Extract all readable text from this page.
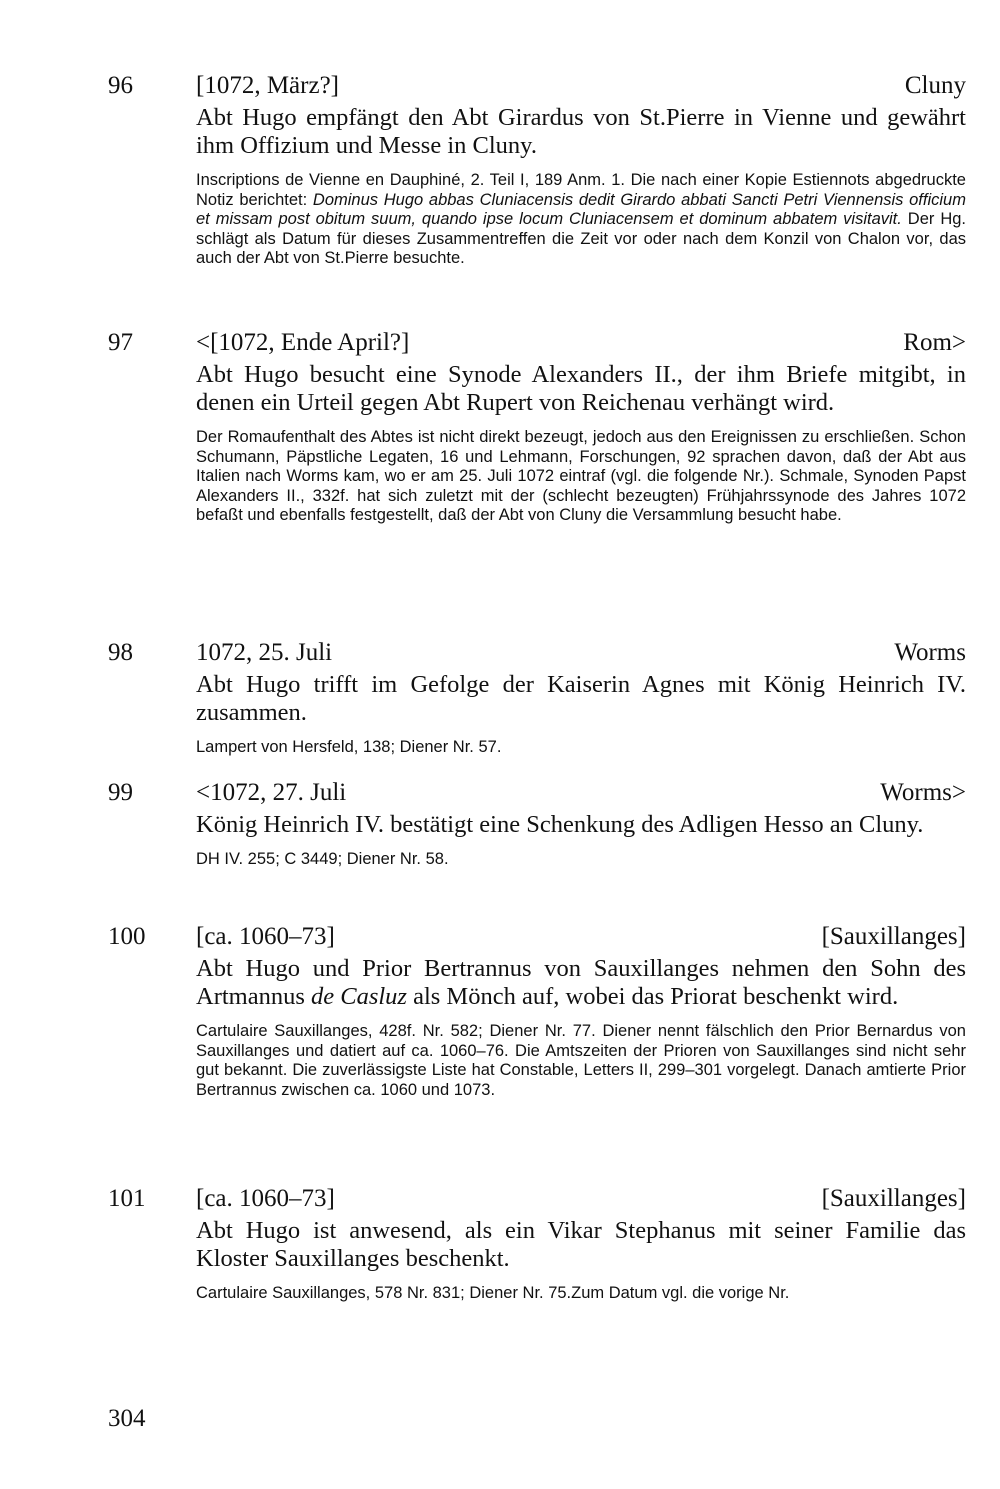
96	[1072, März?]	Cluny
Abt Hugo empfängt den Abt Girardus von St.Pierre in Vienne und gewährt ihm Offizium und Messe in Cluny.
Inscriptions de Vienne en Dauphiné, 2. Teil I, 189 Anm. 1. Die nach einer Kopie Estiennots abgedruckte Notiz berichtet: Dominus Hugo abbas Cluniacensis dedit Girardo abbati Sancti Petri Viennensis officium et missam post obitum suum, quando ipse locum Cluniacensem et dominum abbatem visitavit. Der Hg. schlägt als Datum für dieses Zusammentreffen die Zeit vor oder nach dem Konzil von Chalon vor, das auch der Abt von St.Pierre besuchte.
97	<[1072, Ende April?]	Rom>
Abt Hugo besucht eine Synode Alexanders II., der ihm Briefe mitgibt, in denen ein Urteil gegen Abt Rupert von Reichenau verhängt wird.
Der Romaufenthalt des Abtes ist nicht direkt bezeugt, jedoch aus den Ereignissen zu erschließen. Schon Schumann, Päpstliche Legaten, 16 und Lehmann, Forschungen, 92 sprachen davon, daß der Abt aus Italien nach Worms kam, wo er am 25. Juli 1072 eintraf (vgl. die folgende Nr.). Schmale, Synoden Papst Alexanders II., 332f. hat sich zuletzt mit der (schlecht bezeugten) Frühjahrssynode des Jahres 1072 befaßt und ebenfalls festgestellt, daß der Abt von Cluny die Versammlung besucht habe.
98	1072, 25. Juli	Worms
Abt Hugo trifft im Gefolge der Kaiserin Agnes mit König Heinrich IV. zusammen.
Lampert von Hersfeld, 138; Diener Nr. 57.
99	<1072, 27. Juli	Worms>
König Heinrich IV. bestätigt eine Schenkung des Adligen Hesso an Cluny.
DH IV. 255; C 3449; Diener Nr. 58.
100 [ca. 1060–73]	[Sauxillanges]
Abt Hugo und Prior Bertrannus von Sauxillanges nehmen den Sohn des Artmannus de Casluz als Mönch auf, wobei das Priorat beschenkt wird.
Cartulaire Sauxillanges, 428f. Nr. 582; Diener Nr. 77. Diener nennt fälschlich den Prior Bernardus von Sauxillanges und datiert auf ca. 1060–76. Die Amtszeiten der Prioren von Sauxillanges sind nicht sehr gut bekannt. Die zuverlässigste Liste hat Constable, Letters II, 299–301 vorgelegt. Danach amtierte Prior Bertrannus zwischen ca. 1060 und 1073.
101 [ca. 1060–73]	[Sauxillanges]
Abt Hugo ist anwesend, als ein Vikar Stephanus mit seiner Familie das Kloster Sauxillanges beschenkt.
Cartulaire Sauxillanges, 578 Nr. 831; Diener Nr. 75.Zum Datum vgl. die vorige Nr.
304
